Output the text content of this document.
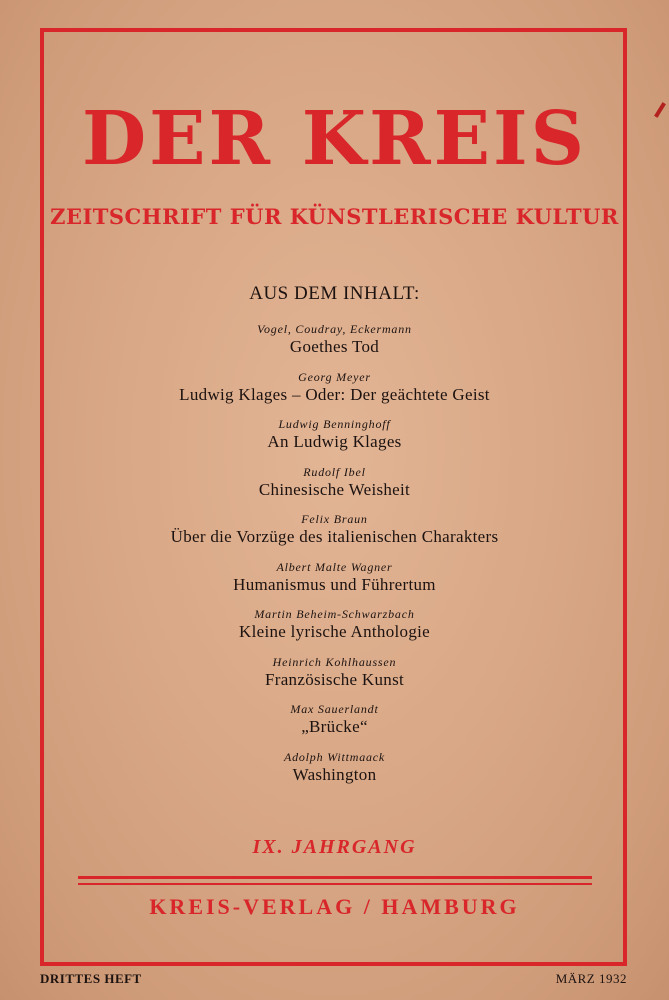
DER KREIS
ZEITSCHRIFT FÜR KÜNSTLERISCHE KULTUR
AUS DEM INHALT:
Vogel, Coudray, Eckermann
Goethes Tod
Georg Meyer
Ludwig Klages – Oder: Der geächtete Geist
Ludwig Benninghoff
An Ludwig Klages
Rudolf Ibel
Chinesische Weisheit
Felix Braun
Über die Vorzüge des italienischen Charakters
Albert Malte Wagner
Humanismus und Führertum
Martin Beheim-Schwarzbach
Kleine lyrische Anthologie
Heinrich Kohlhaussen
Französische Kunst
Max Sauerlandt
„Brücke“
Adolph Wittmaack
Washington
IX. JAHRGANG
KREIS-VERLAG / HAMBURG
DRITTES HEFT	MÄRZ 1932
